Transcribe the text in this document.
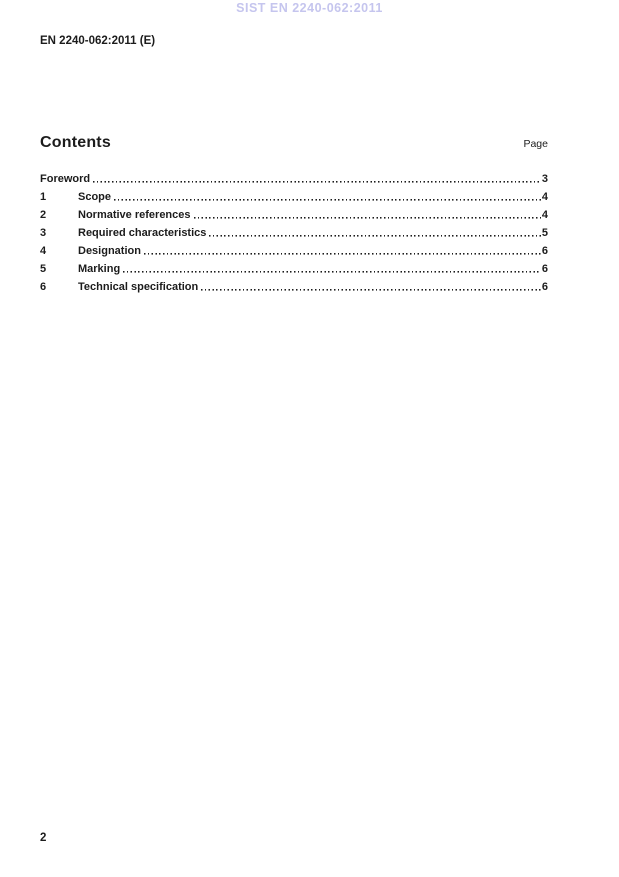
SIST EN 2240-062:2011
EN 2240-062:2011 (E)
Contents	Page
Foreword	3
1	Scope	4
2	Normative references	4
3	Required characteristics	5
4	Designation	6
5	Marking	6
6	Technical specification	6
2
